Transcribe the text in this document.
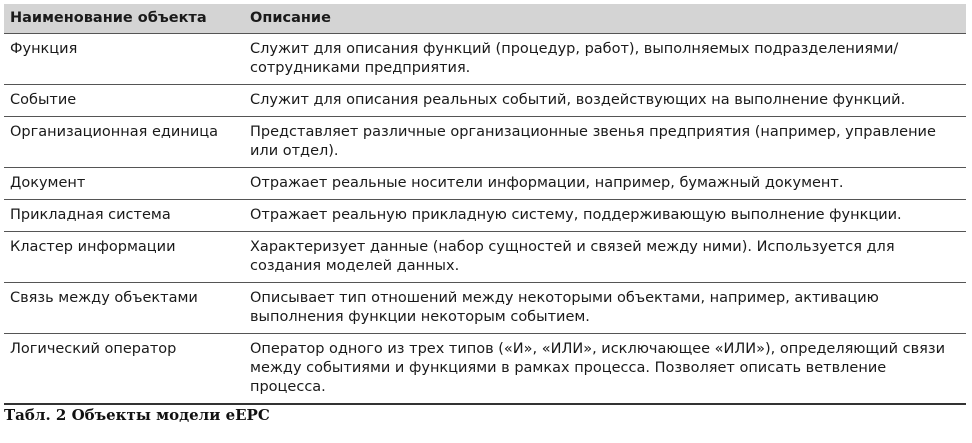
Наименование объекта	Описание
Функция	Служит для описания функций (процедур, работ), выполняемых подразделениями/сотрудниками предприятия.
Событие	Служит для описания реальных событий, воздействующих на выполнение функций.
Организационная единица	Представляет различные организационные звенья предприятия (например, управление или отдел).
Документ	Отражает реальные носители информации, например, бумажный документ.
Прикладная система	Отражает реальную прикладную систему, поддерживающую выполнение функции.
Кластер информации	Характеризует данные (набор сущностей и связей между ними). Используется для создания моделей данных.
Связь между объектами	Описывает тип отношений между некоторыми объектами, например, активацию выполнения функции некоторым событием.
Логический оператор	Оператор одного из трех типов («И», «ИЛИ», исключающее «ИЛИ»), определяющий связи между событиями и функциями в рамках процесса. Позволяет описать ветвление процесса.
Табл. 2 Объекты модели eEPC
